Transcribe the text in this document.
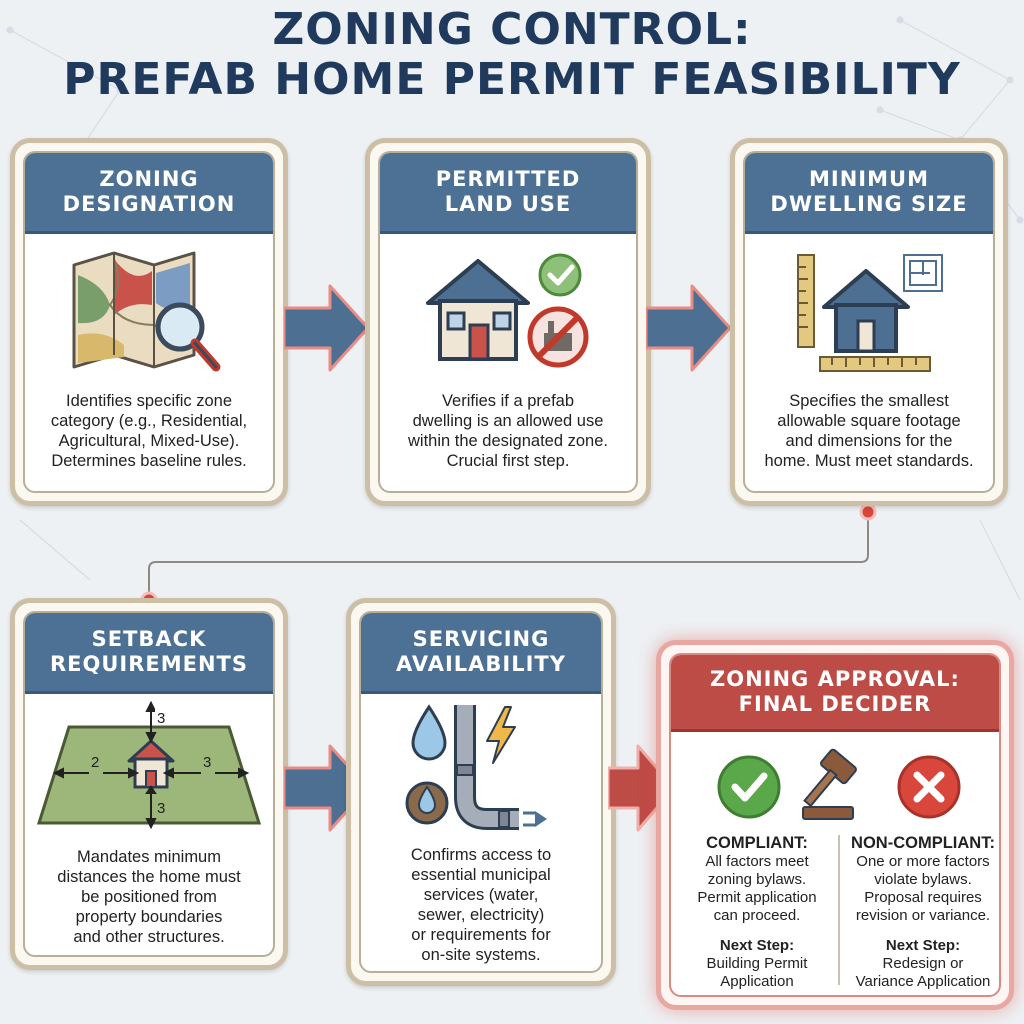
ZONING CONTROL:
PREFAB HOME PERMIT FEASIBILITY
ZONING
DESIGNATION
Identifies specific zone
category (e.g., Residential,
Agricultural, Mixed-Use).
Determines baseline rules.
PERMITTED
LAND USE
Verifies if a prefab
dwelling is an allowed use
within the designated zone.
Crucial first step.
MINIMUM
DWELLING SIZE
Specifies the smallest
allowable square footage
and dimensions for the
home. Must meet standards.
SETBACK
REQUIREMENTS
3
2	3
3
Mandates minimum
distances the home must
be positioned from
property boundaries
and other structures.
SERVICING
AVAILABILITY
Confirms access to
essential municipal
services (water,
sewer, electricity)
or requirements for
on-site systems.
ZONING APPROVAL:
FINAL DECIDER
COMPLIANT:
All factors meet
zoning bylaws.
Permit application
can proceed.
Next Step:
Building Permit
Application
NON-COMPLIANT:
One or more factors
violate bylaws.
Proposal requires
revision or variance.
Next Step:
Redesign or
Variance Application
